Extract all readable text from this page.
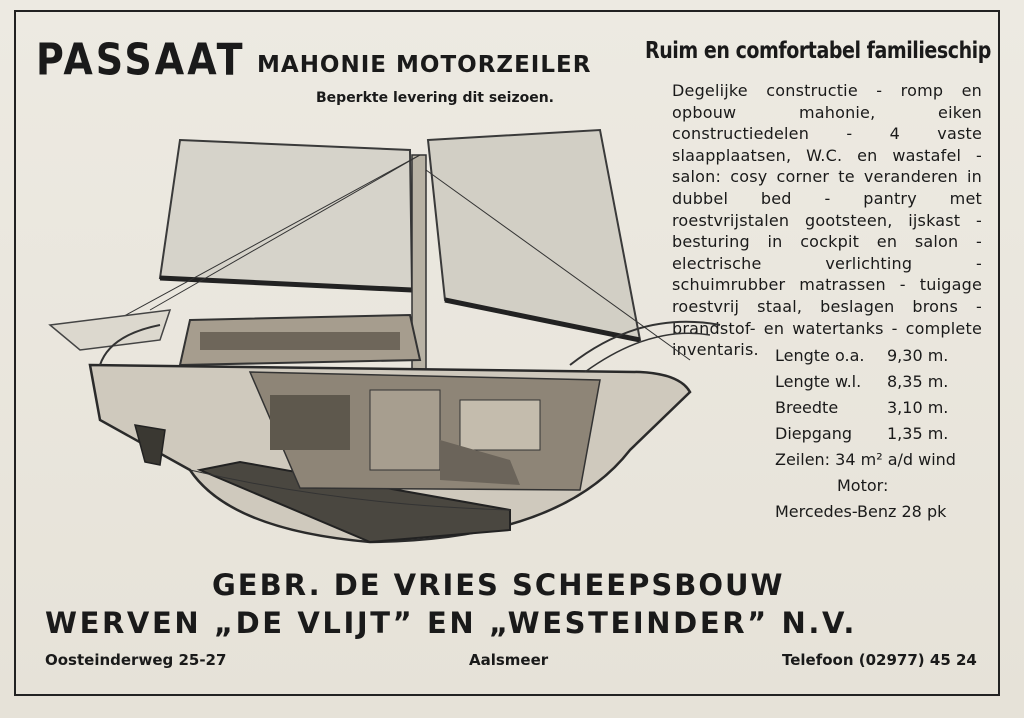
PASSAAT MAHONIE MOTORZEILER
Beperkte levering dit seizoen.
Ruim en comfortabel familieschip
Degelijke constructie - romp en opbouw mahonie, eiken constructiedelen - 4 vaste slaapplaatsen, W.C. en wastafel - salon: cosy corner te veranderen in dubbel bed - pantry met roestvrijstalen gootsteen, ijskast - besturing in cockpit en salon - electrische verlichting - schuimrubber matrassen - tuigage roestvrij staal, beslagen brons - brandstof- en watertanks - complete inventaris.	Lengte o.a.	9,30 m.
Lengte w.l.	8,35 m.
Breedte	3,10 m.
Diepgang	1,35 m.
Zeilen: 34 m² a/d wind
Motor:
Mercedes-Benz 28 pk
GEBR. DE VRIES SCHEEPSBOUW
WERVEN „DE VLIJT” EN „WESTEINDER” N.V.
Oosteinderweg 25-27	Aalsmeer	Telefoon (02977) 45 24
